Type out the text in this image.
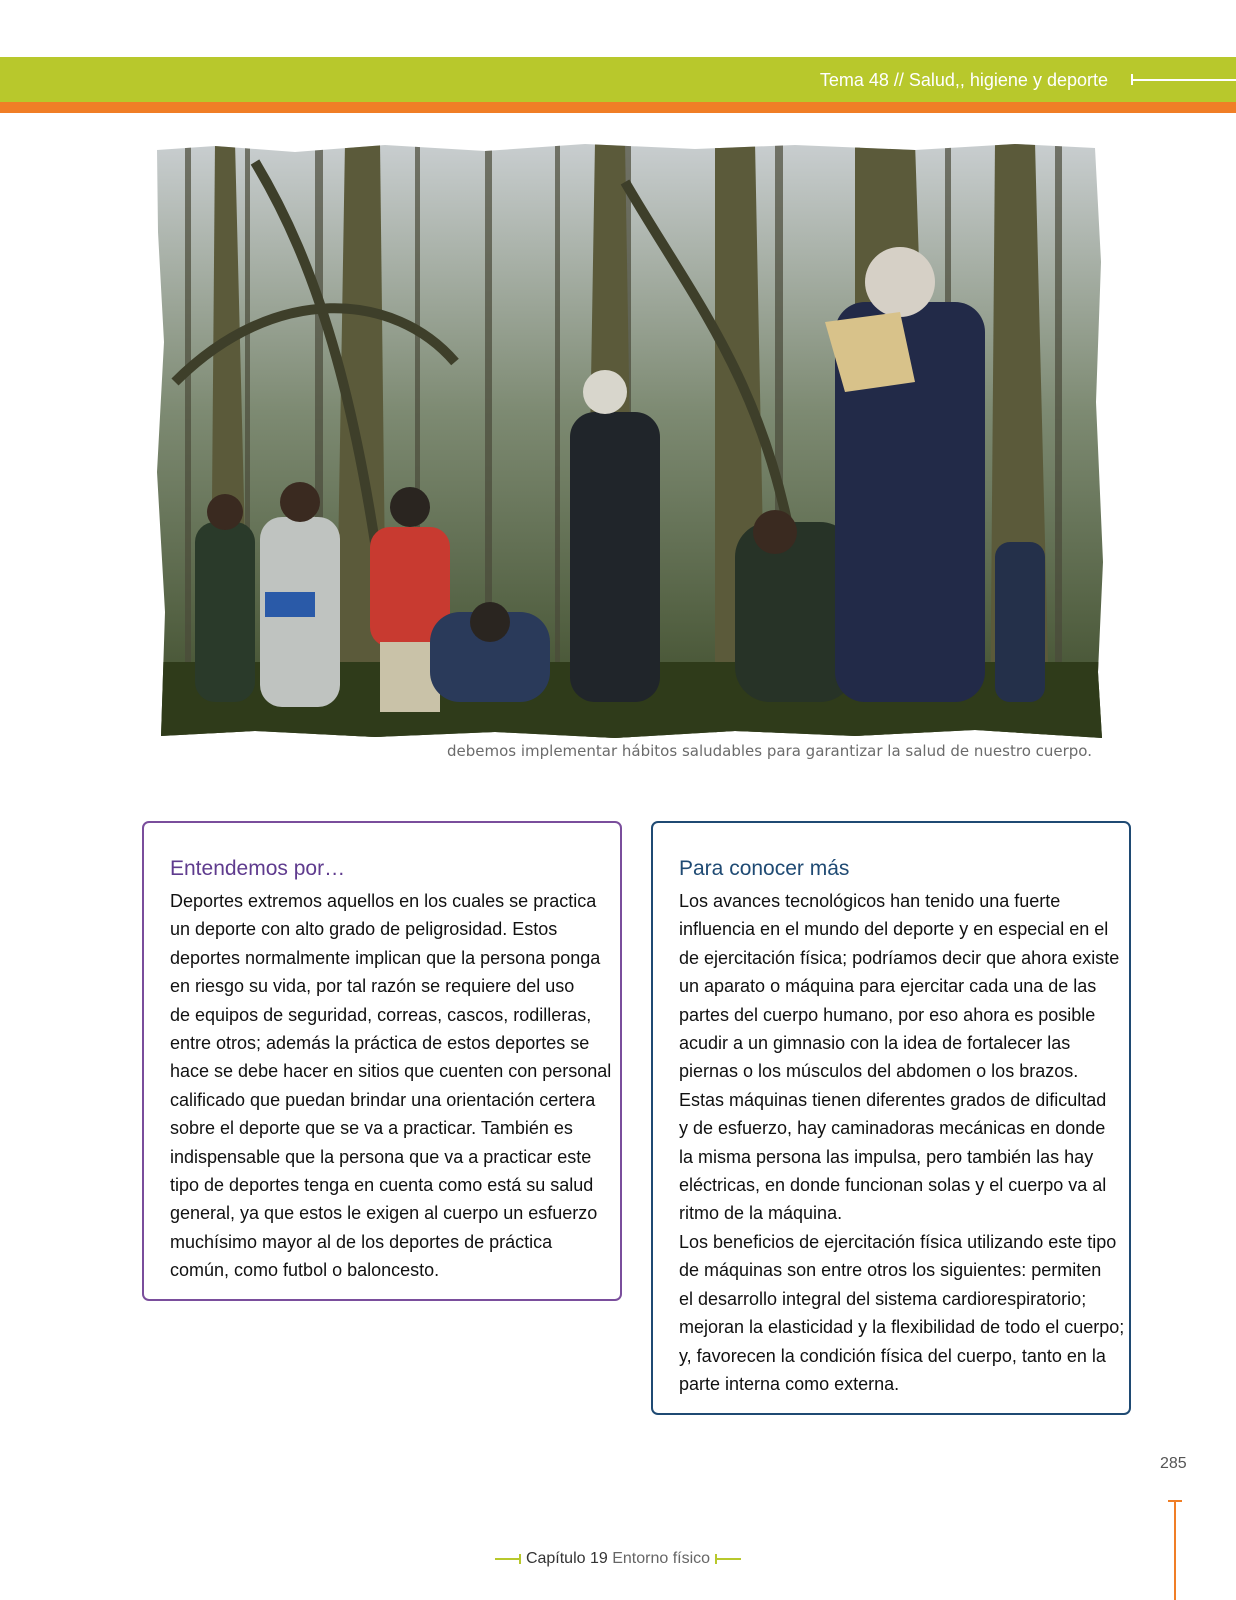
Tema 48 // Salud,, higiene y deporte
debemos implementar hábitos saludables para garantizar la salud de nuestro cuerpo.
Entendemos por…
Deportes extremos aquellos en los cuales se practica
un deporte con alto grado de peligrosidad. Estos
deportes normalmente implican que la persona ponga
en riesgo su vida, por tal razón se requiere del uso
de equipos de seguridad, correas, cascos, rodilleras,
entre otros; además la práctica de estos deportes se
hace se debe hacer en sitios que cuenten con personal
calificado que puedan brindar una orientación certera
sobre el deporte que se va a practicar. También es
indispensable que la persona que va a practicar este
tipo de deportes tenga en cuenta como está su salud
general, ya que estos le exigen al cuerpo un esfuerzo
muchísimo mayor al de los deportes de práctica
común, como futbol o baloncesto.
Para conocer más
Los avances tecnológicos han tenido una fuerte
influencia en el mundo del deporte y en especial en el
de ejercitación física; podríamos decir que ahora existe
un aparato o máquina para ejercitar cada una de las
partes del cuerpo humano, por eso ahora es posible
acudir a un gimnasio con la idea de fortalecer las
piernas o los músculos del abdomen o los brazos.
Estas máquinas tienen diferentes grados de dificultad
y de esfuerzo, hay caminadoras mecánicas en donde
la misma persona las impulsa, pero también las hay
eléctricas, en donde funcionan solas y el cuerpo va al
ritmo de la máquina.
Los beneficios de ejercitación física utilizando este tipo
de máquinas son entre otros los siguientes: permiten
el desarrollo integral del sistema cardiorespiratorio;
mejoran la elasticidad y la flexibilidad de todo el cuerpo;
y, favorecen la condición física del cuerpo, tanto en la
parte interna como externa.
285
Capítulo 19 Entorno físico
